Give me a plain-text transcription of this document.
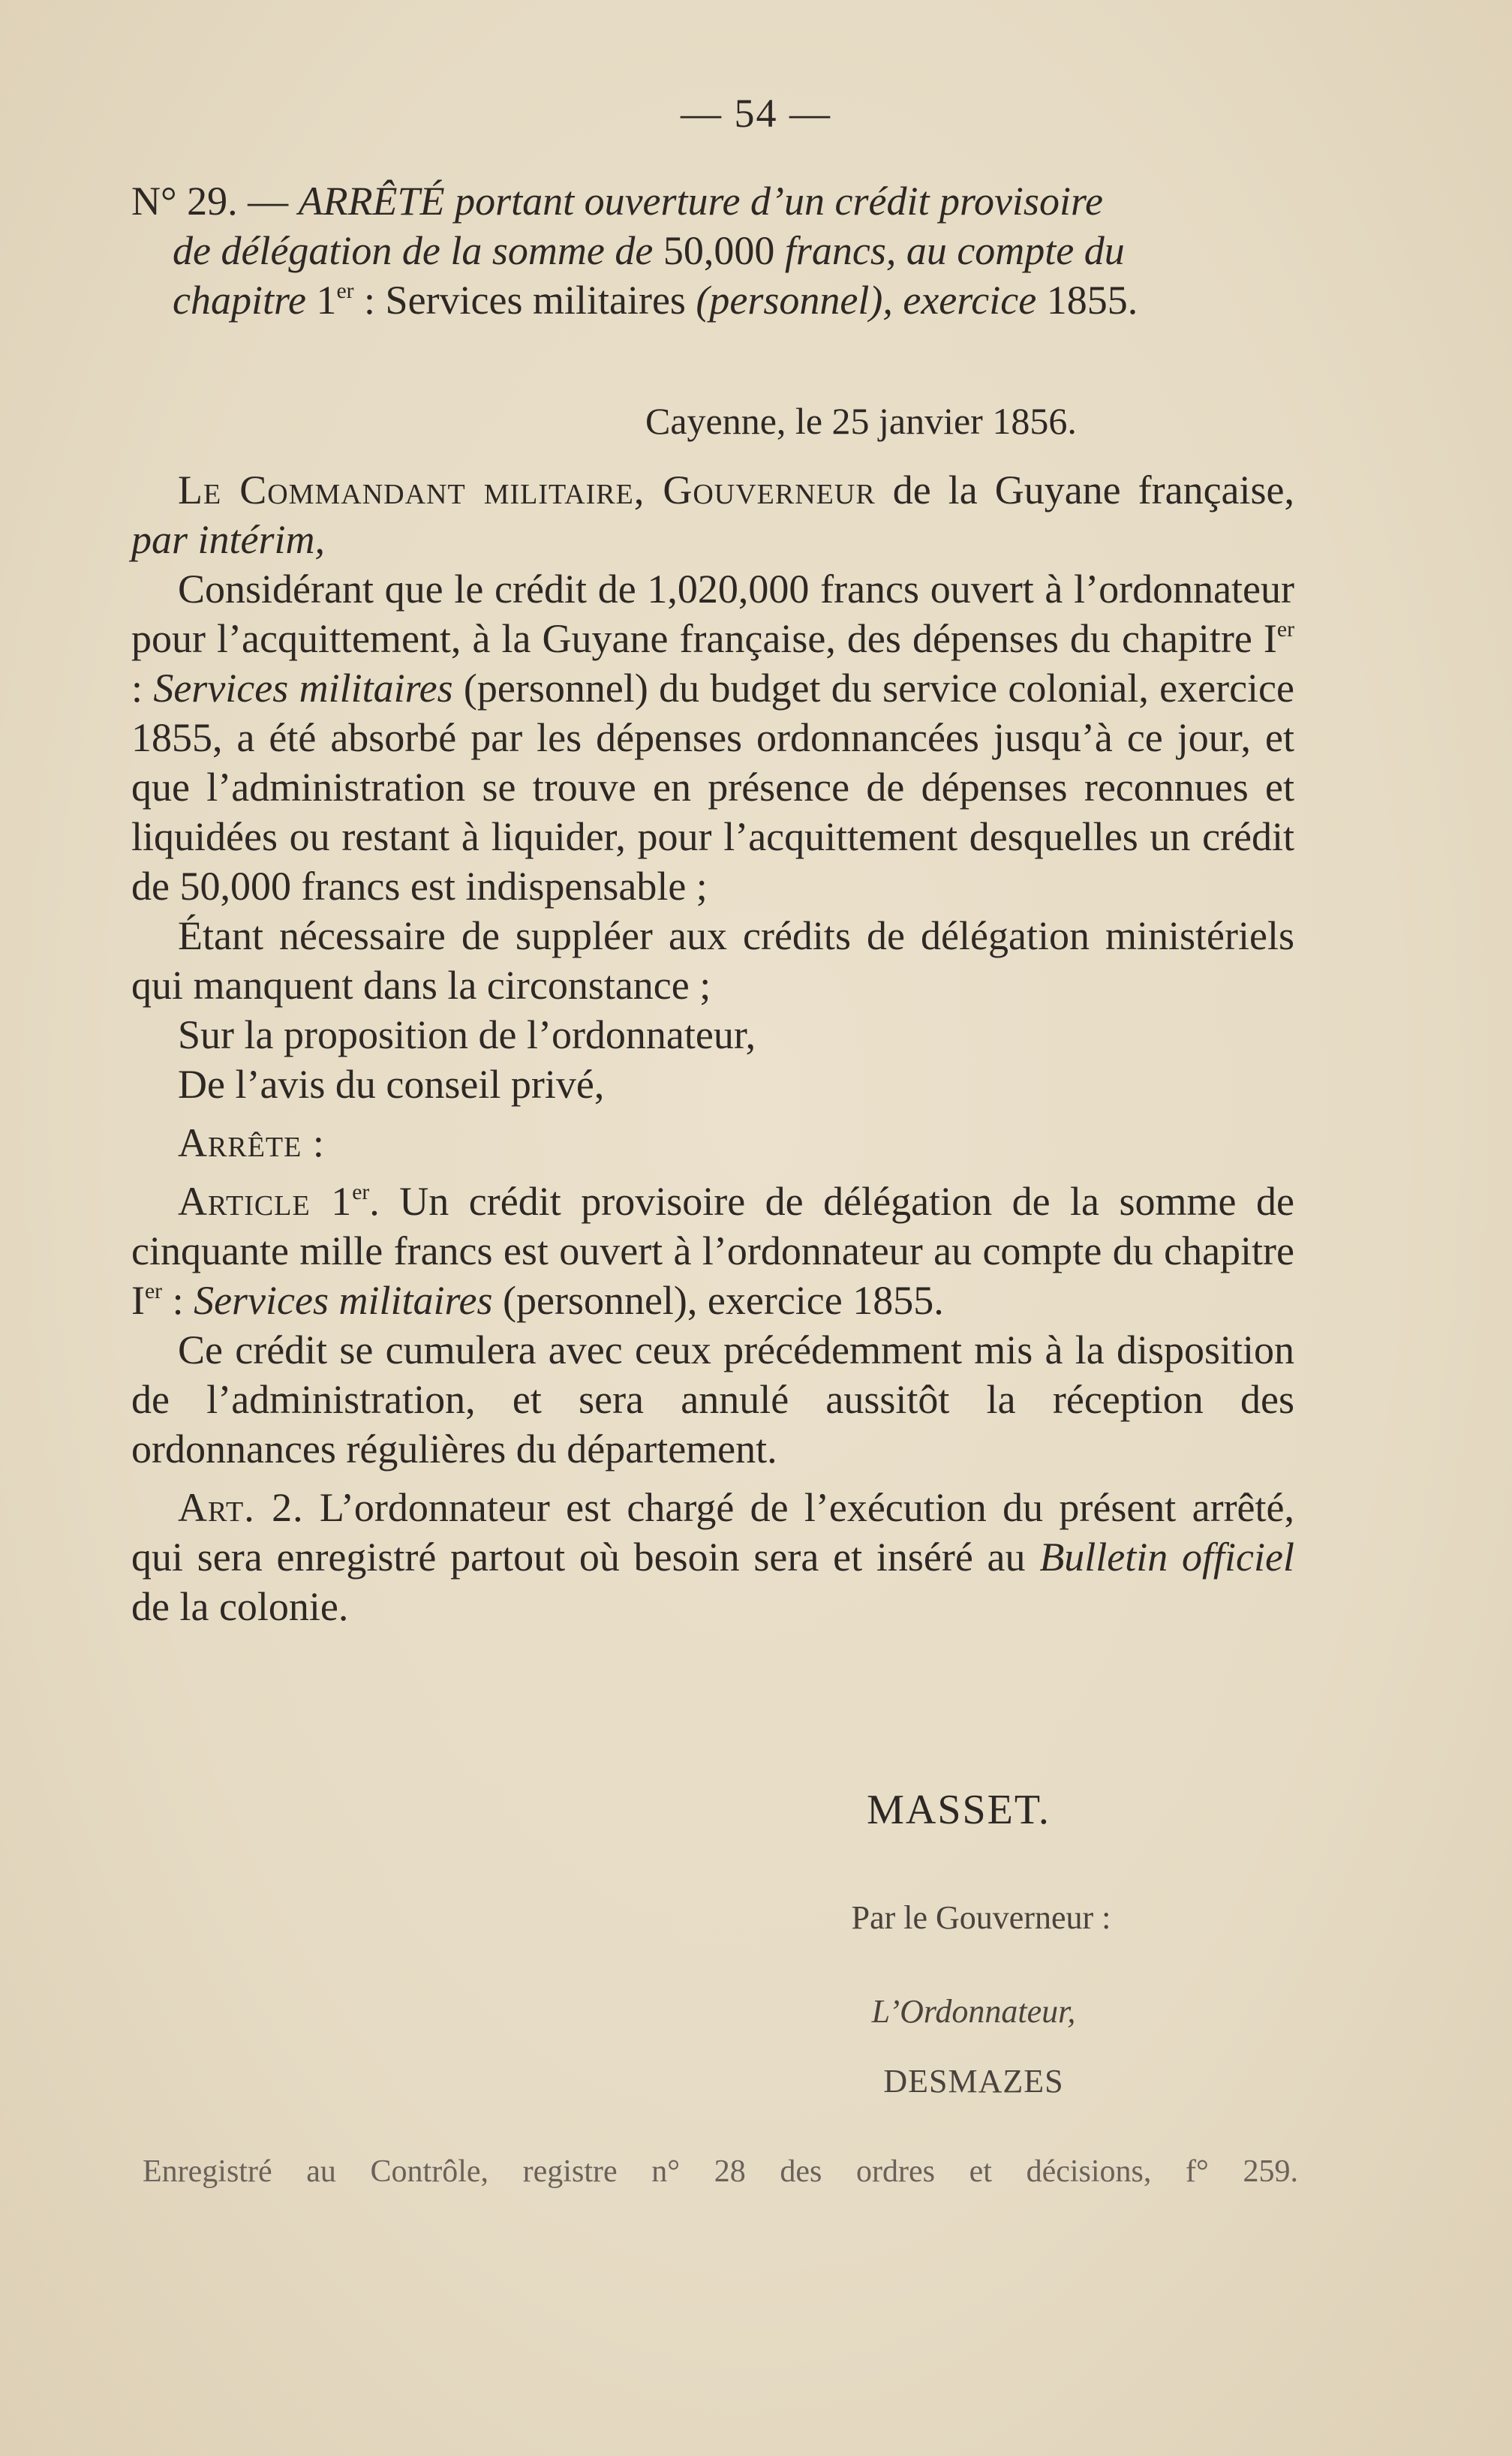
— 54 —
N° 29. — ARRÊTÉ portant ouverture d’un crédit provisoire
de délégation de la somme de 50,000 francs, au compte du
chapitre 1er : Services militaires (personnel), exercice 1855.
Cayenne, le 25 janvier 1856.

Le Commandant militaire, Gouverneur de la Guyane française, par intérim,

Considérant que le crédit de 1,020,000 francs ouvert à l’ordonnateur pour l’acquittement, à la Guyane française, des dépenses du chapitre Ier : Services militaires (personnel) du budget du service colonial, exercice 1855, a été absorbé par les dépenses ordonnancées jusqu’à ce jour, et que l’administration se trouve en présence de dépenses reconnues et liquidées ou restant à liquider, pour l’acquittement desquelles un crédit de 50,000 francs est indispensable ;

Étant nécessaire de suppléer aux crédits de délégation ministériels qui manquent dans la circonstance ;

Sur la proposition de l’ordonnateur,

De l’avis du conseil privé,

Arrête :

Article 1er. Un crédit provisoire de délégation de la somme de cinquante mille francs est ouvert à l’ordonnateur au compte du chapitre Ier : Services militaires (personnel), exercice 1855.

Ce crédit se cumulera avec ceux précédemment mis à la disposition de l’administration, et sera annulé aussitôt la réception des ordonnances régulières du département.

Art. 2. L’ordonnateur est chargé de l’exécution du présent arrêté, qui sera enregistré partout où besoin sera et inséré au Bulletin officiel de la colonie.

MASSET.
Par le Gouverneur :
L’Ordonnateur,
DESMAZES
Enregistré au Contrôle, registre n° 28 des ordres et décisions, f° 259.
